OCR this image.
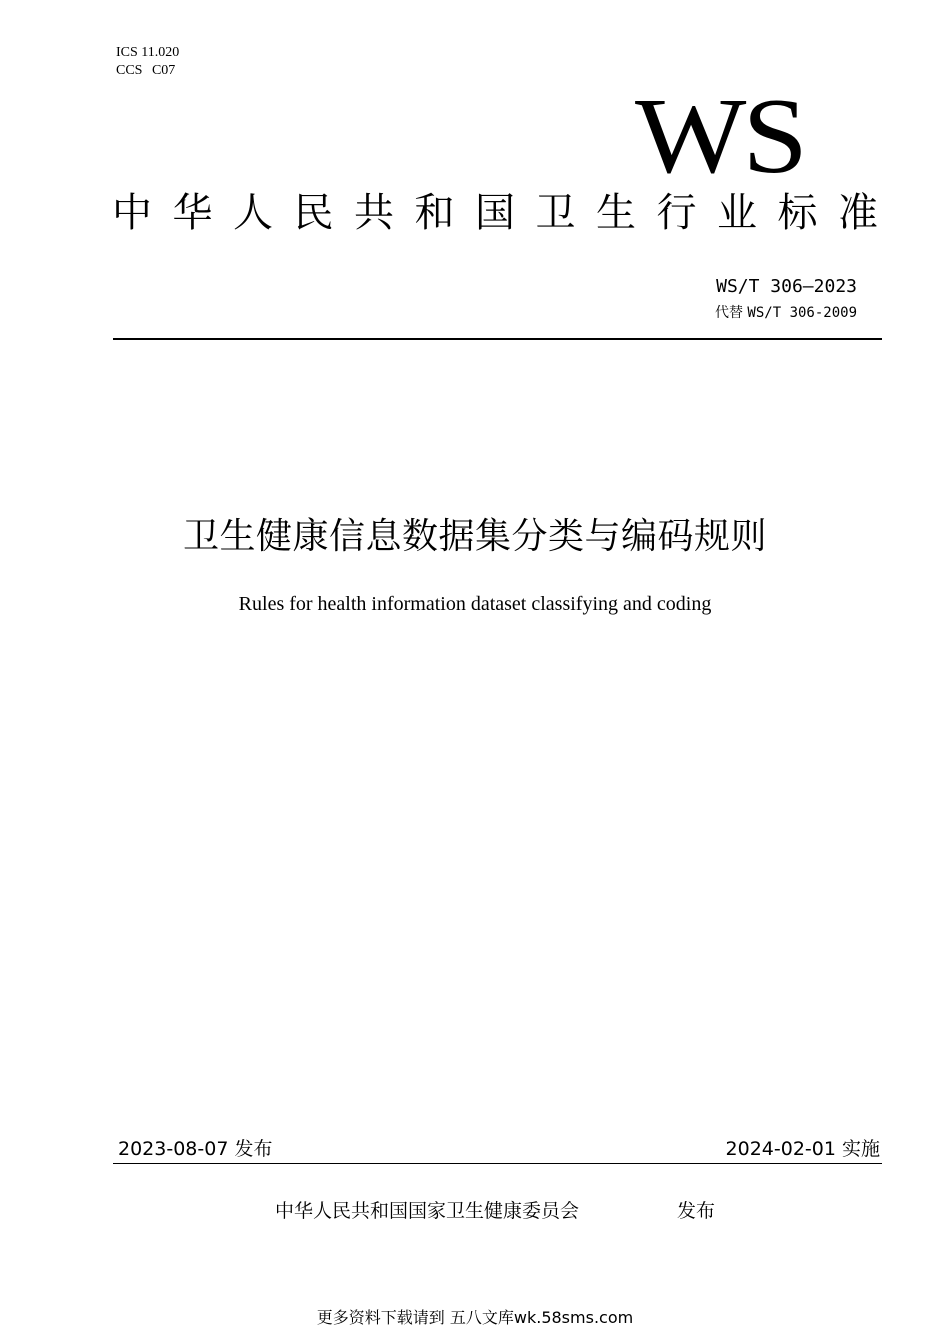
ICS 11.020
CCS C07
WS
中华人民共和国卫生行业标准
WS/T 306—2023
代替 WS/T 306-2009
卫生健康信息数据集分类与编码规则
Rules for health information dataset classifying and coding
2023-08-07 发布	2024-02-01 实施
中华人民共和国国家卫生健康委员会	发布
更多资料下载请到 五八文库wk.58sms.com
